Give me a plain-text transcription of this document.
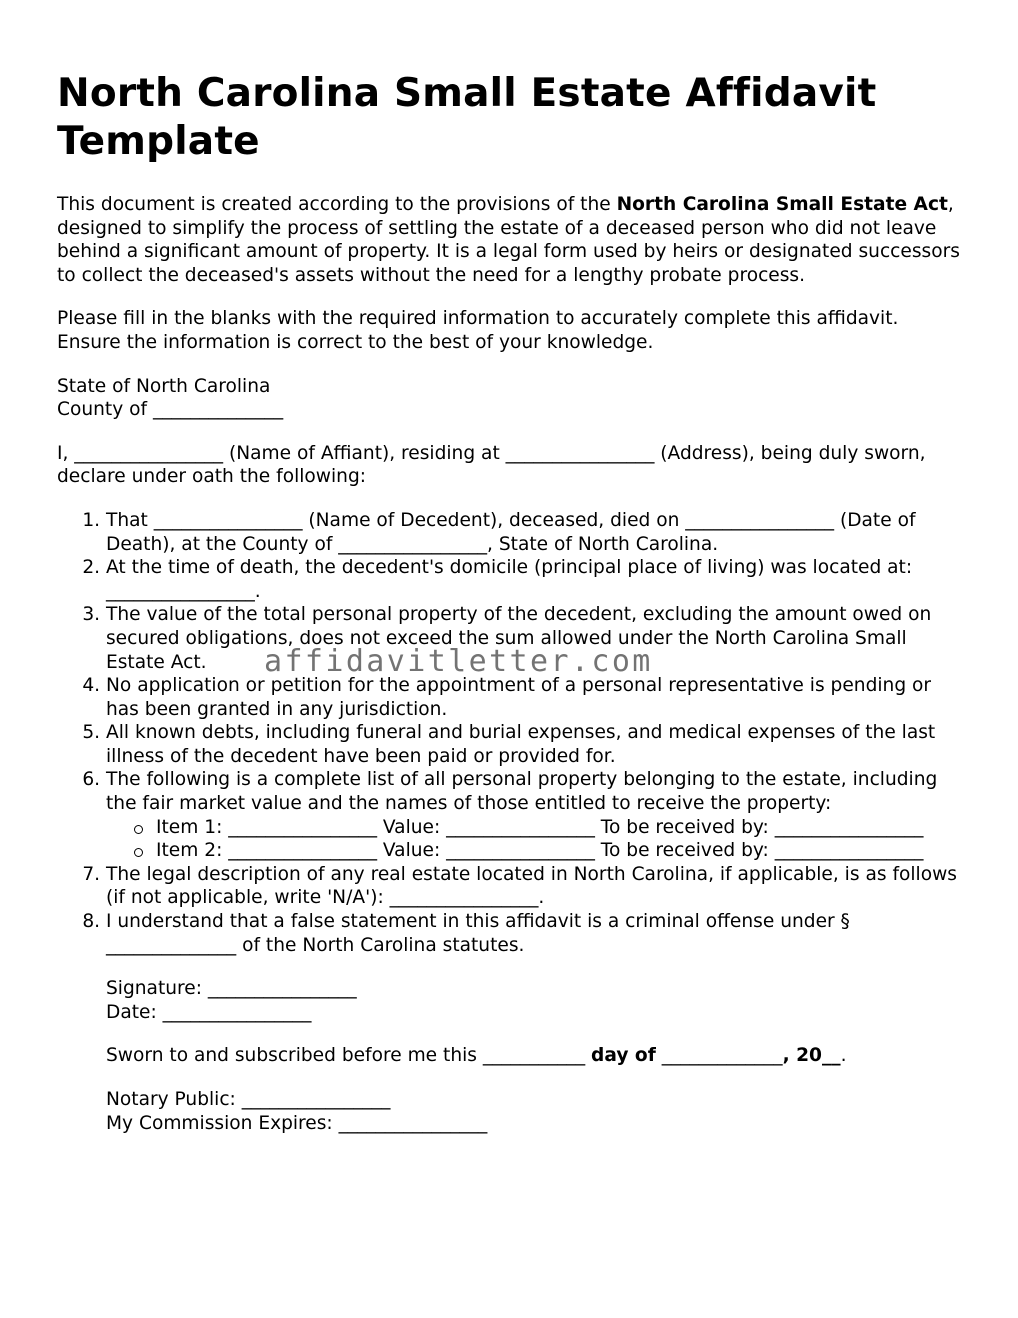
North Carolina Small Estate Affidavit Template

This document is created according to the provisions of the North Carolina Small Estate Act, designed to simplify the process of settling the estate of a deceased person who did not leave behind a significant amount of property. It is a legal form used by heirs or designated successors to collect the deceased's assets without the need for a lengthy probate process.

Please fill in the blanks with the required information to accurately complete this affidavit. Ensure the information is correct to the best of your knowledge.

State of North Carolina
County of ______________

I, ________________ (Name of Affiant), residing at ________________ (Address), being duly sworn, declare under oath the following:

1. That ________________ (Name of Decedent), deceased, died on ________________ (Date of Death), at the County of ________________, State of North Carolina.
2. At the time of death, the decedent's domicile (principal place of living) was located at: ________________.
3. The value of the total personal property of the decedent, excluding the amount owed on secured obligations, does not exceed the sum allowed under the North Carolina Small Estate Act.
4. No application or petition for the appointment of a personal representative is pending or has been granted in any jurisdiction.
5. All known debts, including funeral and burial expenses, and medical expenses of the last illness of the decedent have been paid or provided for.
6. The following is a complete list of all personal property belonging to the estate, including the fair market value and the names of those entitled to receive the property:
Item 1: ________________ Value: ________________ To be received by: ________________
Item 2: ________________ Value: ________________ To be received by: ________________
7. The legal description of any real estate located in North Carolina, if applicable, is as follows (if not applicable, write 'N/A'): ________________.
8. I understand that a false statement in this affidavit is a criminal offense under § ______________ of the North Carolina statutes.
Signature: ________________
Date: ________________
Sworn to and subscribed before me this ___________ day of _____________, 20__.
Notary Public: ________________
My Commission Expires: ________________
affidavitletter.com
